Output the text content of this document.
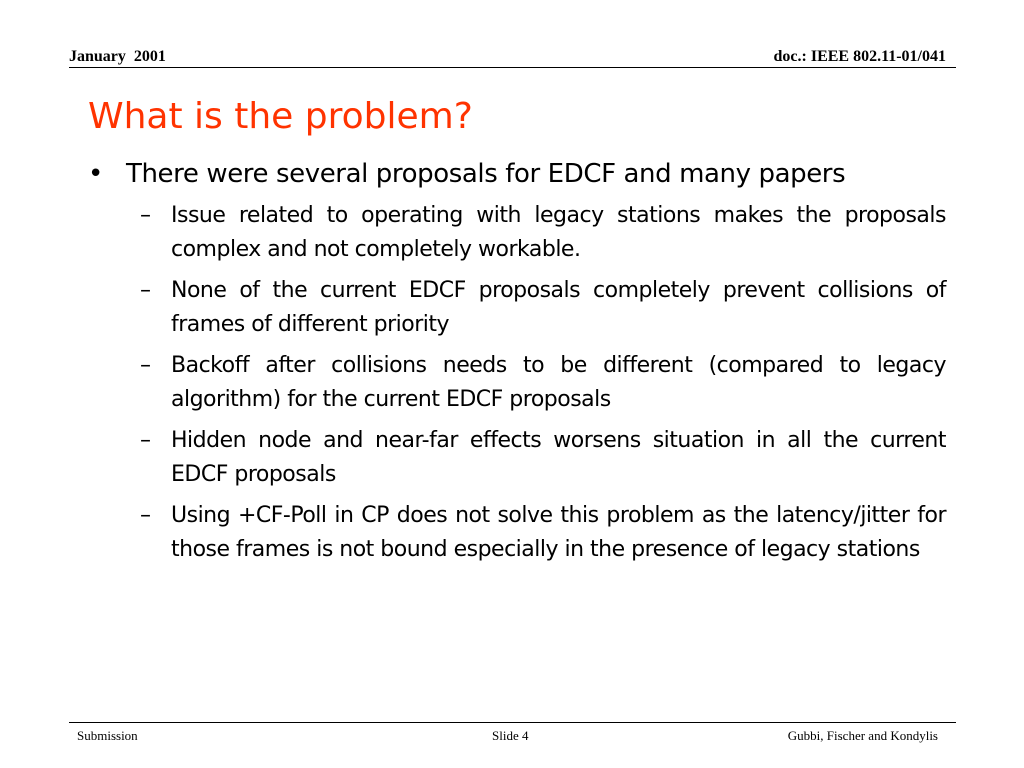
January  2001	doc.: IEEE 802.11-01/041
What is the problem?
• There were several proposals for EDCF and many papers
– Issue related to operating with legacy stations makes the proposals complex and not completely workable.
– None of the current EDCF proposals completely prevent collisions of frames of different priority
– Backoff after collisions needs to be different (compared to legacy algorithm) for the current EDCF proposals
– Hidden node and near-far effects worsens situation in all the current EDCF proposals
– Using +CF-Poll in CP does not solve this problem as the latency/jitter for those frames is not bound especially in the presence of legacy stations
Submission	Slide 4	Gubbi, Fischer and Kondylis
